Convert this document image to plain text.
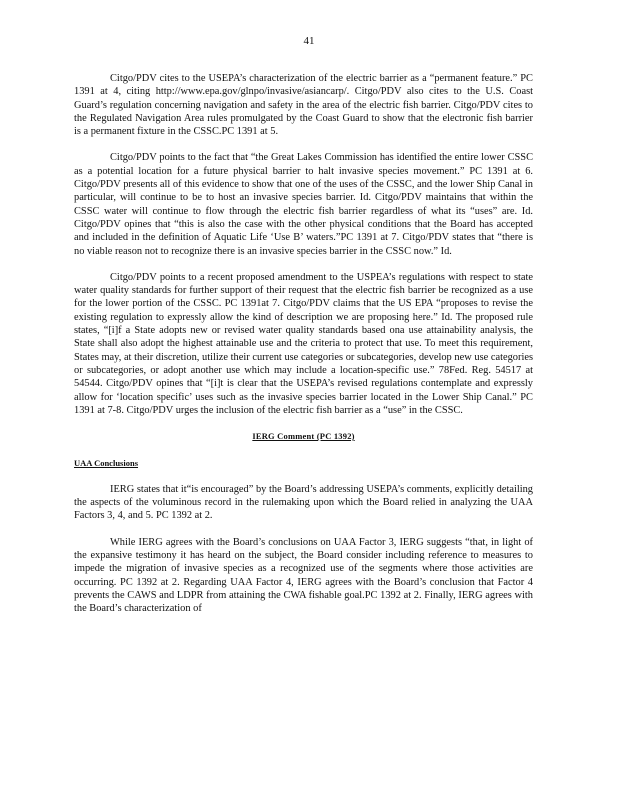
41

Citgo/PDV cites to the USEPA’s characterization of the electric barrier as a “permanent feature.” PC 1391 at 4, citing http://www.epa.gov/glnpo/invasive/asiancarp/. Citgo/PDV also cites to the U.S. Coast Guard’s regulation concerning navigation and safety in the area of the electric fish barrier. Citgo/PDV cites to the Regulated Navigation Area rules promulgated by the Coast Guard to show that the electronic fish barrier is a permanent fixture in the CSSC.PC 1391 at 5.

Citgo/PDV points to the fact that “the Great Lakes Commission has identified the entire lower CSSC as a potential location for a future physical barrier to halt invasive species movement.” PC 1391 at 6. Citgo/PDV presents all of this evidence to show that one of the uses of the CSSC, and the lower Ship Canal in particular, will continue to be to host an invasive species barrier. Id. Citgo/PDV maintains that within the CSSC water will continue to flow through the electric fish barrier regardless of what its “uses” are. Id. Citgo/PDV opines that “this is also the case with the other physical conditions that the Board has accepted and included in the definition of Aquatic Life ‘Use B’ waters.”PC 1391 at 7. Citgo/PDV states that “there is no viable reason not to recognize there is an invasive species barrier in the CSSC now.” Id.

Citgo/PDV points to a recent proposed amendment to the USPEA’s regulations with respect to state water quality standards for further support of their request that the electric fish barrier be recognized as a use for the lower portion of the CSSC. PC 1391at 7. Citgo/PDV claims that the US EPA “proposes to revise the existing regulation to expressly allow the kind of description we are proposing here.” Id. The proposed rule states, “[i]f a State adopts new or revised water quality standards based ona use attainability analysis, the State shall also adopt the highest attainable use and the criteria to protect that use. To meet this requirement, States may, at their discretion, utilize their current use categories or subcategories, develop new use categories or subcategories, or adopt another use which may include a location-specific use.” 78Fed. Reg. 54517 at 54544. Citgo/PDV opines that “[i]t is clear that the USEPA’s revised regulations contemplate and expressly allow for ‘location specific’ uses such as the invasive species barrier located in the Lower Ship Canal.” PC 1391 at 7-8. Citgo/PDV urges the inclusion of the electric fish barrier as a “use” in the CSSC.

IERG Comment (PC 1392)
UAA Conclusions

IERG states that it“is encouraged” by the Board’s addressing USEPA’s comments, explicitly detailing the aspects of the voluminous record in the rulemaking upon which the Board relied in analyzing the UAA Factors 3, 4, and 5. PC 1392 at 2.

While IERG agrees with the Board’s conclusions on UAA Factor 3, IERG suggests “that, in light of the expansive testimony it has heard on the subject, the Board consider including reference to measures to impede the migration of invasive species as a recognized use of the segments where those activities are occurring. PC 1392 at 2. Regarding UAA Factor 4, IERG agrees with the Board’s conclusion that Factor 4 prevents the CAWS and LDPR from attaining the CWA fishable goal.PC 1392 at 2. Finally, IERG agrees with the Board’s characterization of
